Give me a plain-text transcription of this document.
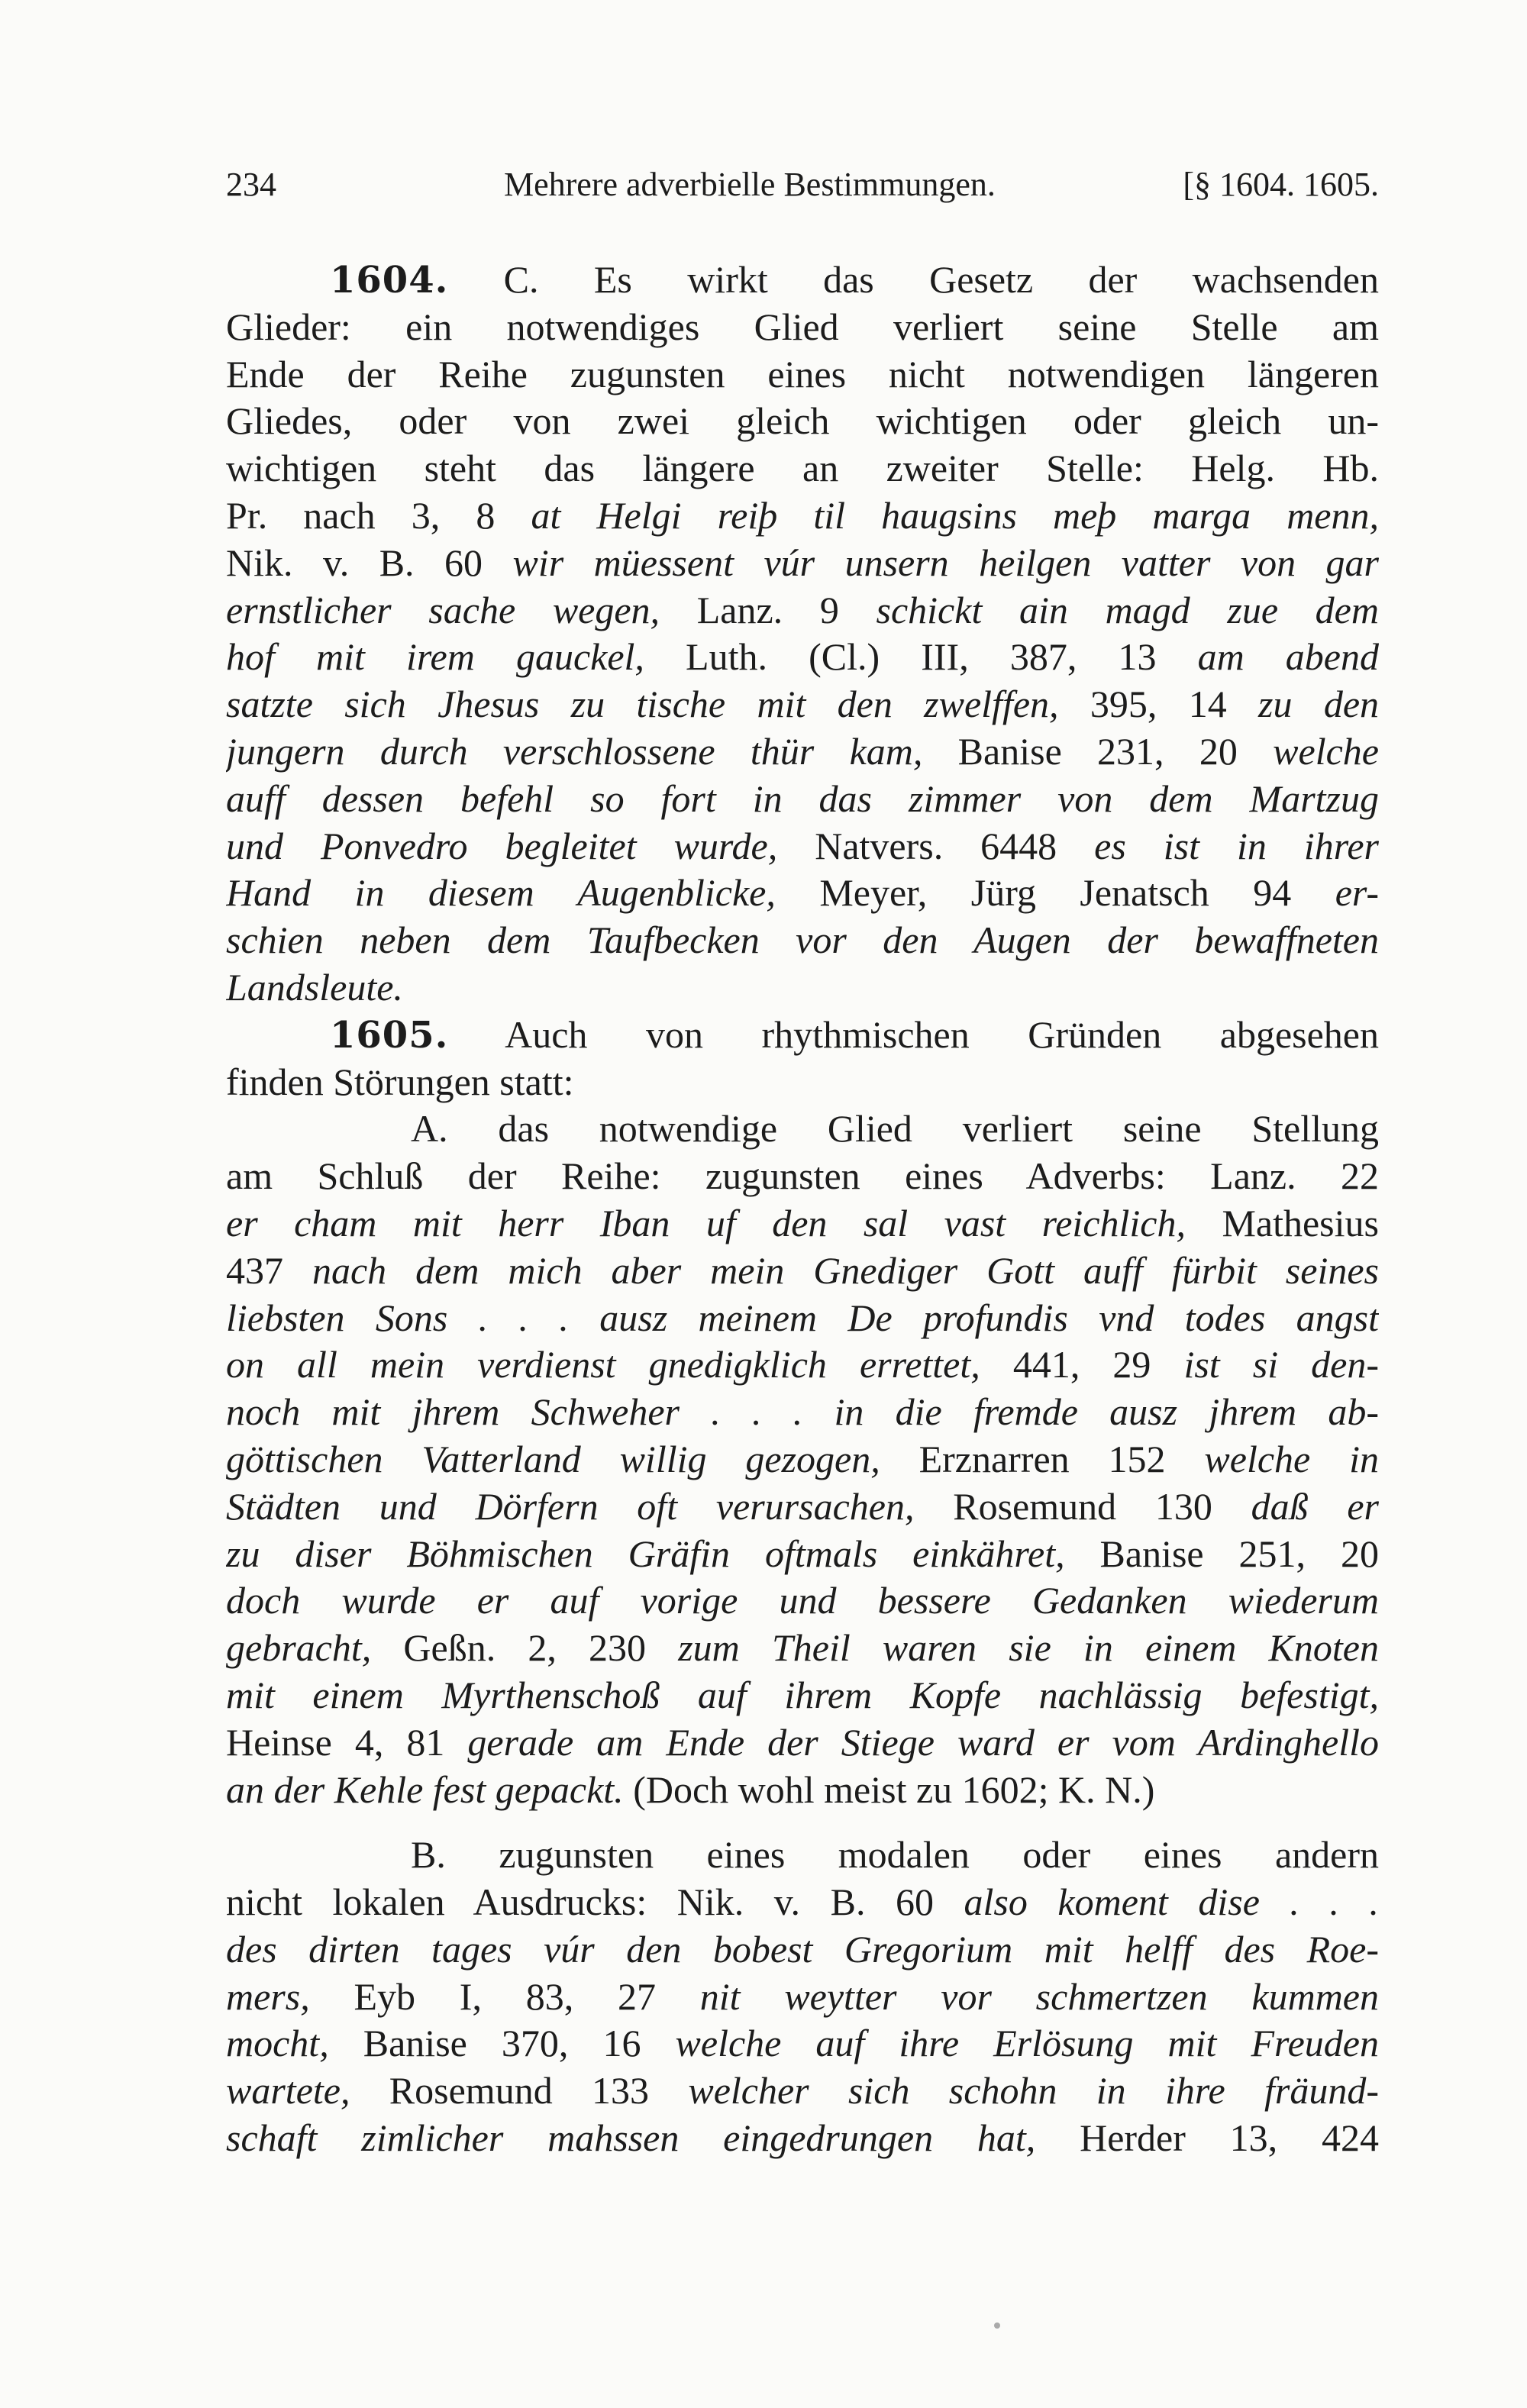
234	Mehrere adverbielle Bestimmungen.	[§ 1604. 1605.
1604. C. Es wirkt das Gesetz der wachsenden
Glieder: ein notwendiges Glied verliert seine Stelle am
Ende der Reihe zugunsten eines nicht notwendigen längeren
Gliedes, oder von zwei gleich wichtigen oder gleich un-
wichtigen steht das längere an zweiter Stelle: Helg. Hb.
Pr. nach 3, 8 at Helgi reiþ til haugsins meþ marga menn,
Nik. v. B. 60 wir müessent vúr unsern heilgen vatter von gar
ernstlicher sache wegen, Lanz. 9 schickt ain magd zue dem
hof mit irem gauckel, Luth. (Cl.) III, 387, 13 am abend
satzte sich Jhesus zu tische mit den zwelffen, 395, 14 zu den
jungern durch verschlossene thür kam, Banise 231, 20 welche
auff dessen befehl so fort in das zimmer von dem Martzug
und Ponvedro begleitet wurde, Natvers. 6448 es ist in ihrer
Hand in diesem Augenblicke, Meyer, Jürg Jenatsch 94 er-
schien neben dem Taufbecken vor den Augen der bewaffneten
Landsleute.
1605. Auch von rhythmischen Gründen abgesehen
finden Störungen statt:
A. das notwendige Glied verliert seine Stellung
am Schluß der Reihe: zugunsten eines Adverbs: Lanz. 22
er cham mit herr Iban uf den sal vast reichlich, Mathesius
437 nach dem mich aber mein Gnediger Gott auff fürbit seines
liebsten Sons . . . ausz meinem De profundis vnd todes angst
on all mein verdienst gnedigklich errettet, 441, 29 ist si den-
noch mit jhrem Schweher . . . in die fremde ausz jhrem ab-
göttischen Vatterland willig gezogen, Erznarren 152 welche in
Städten und Dörfern oft verursachen, Rosemund 130 daß er
zu diser Böhmischen Gräfin oftmals einkähret, Banise 251, 20
doch wurde er auf vorige und bessere Gedanken wiederum
gebracht, Geßn. 2, 230 zum Theil waren sie in einem Knoten
mit einem Myrthenschoß auf ihrem Kopfe nachlässig befestigt,
Heinse 4, 81 gerade am Ende der Stiege ward er vom Ardinghello
an der Kehle fest gepackt. (Doch wohl meist zu 1602; K. N.)
B. zugunsten eines modalen oder eines andern
nicht lokalen Ausdrucks: Nik. v. B. 60 also koment dise . . .
des dirten tages vúr den bobest Gregorium mit helff des Roe-
mers, Eyb I, 83, 27 nit weytter vor schmertzen kummen
mocht, Banise 370, 16 welche auf ihre Erlösung mit Freuden
wartete, Rosemund 133 welcher sich schohn in ihre fräund-
schaft zimlicher mahssen eingedrungen hat, Herder 13, 424
